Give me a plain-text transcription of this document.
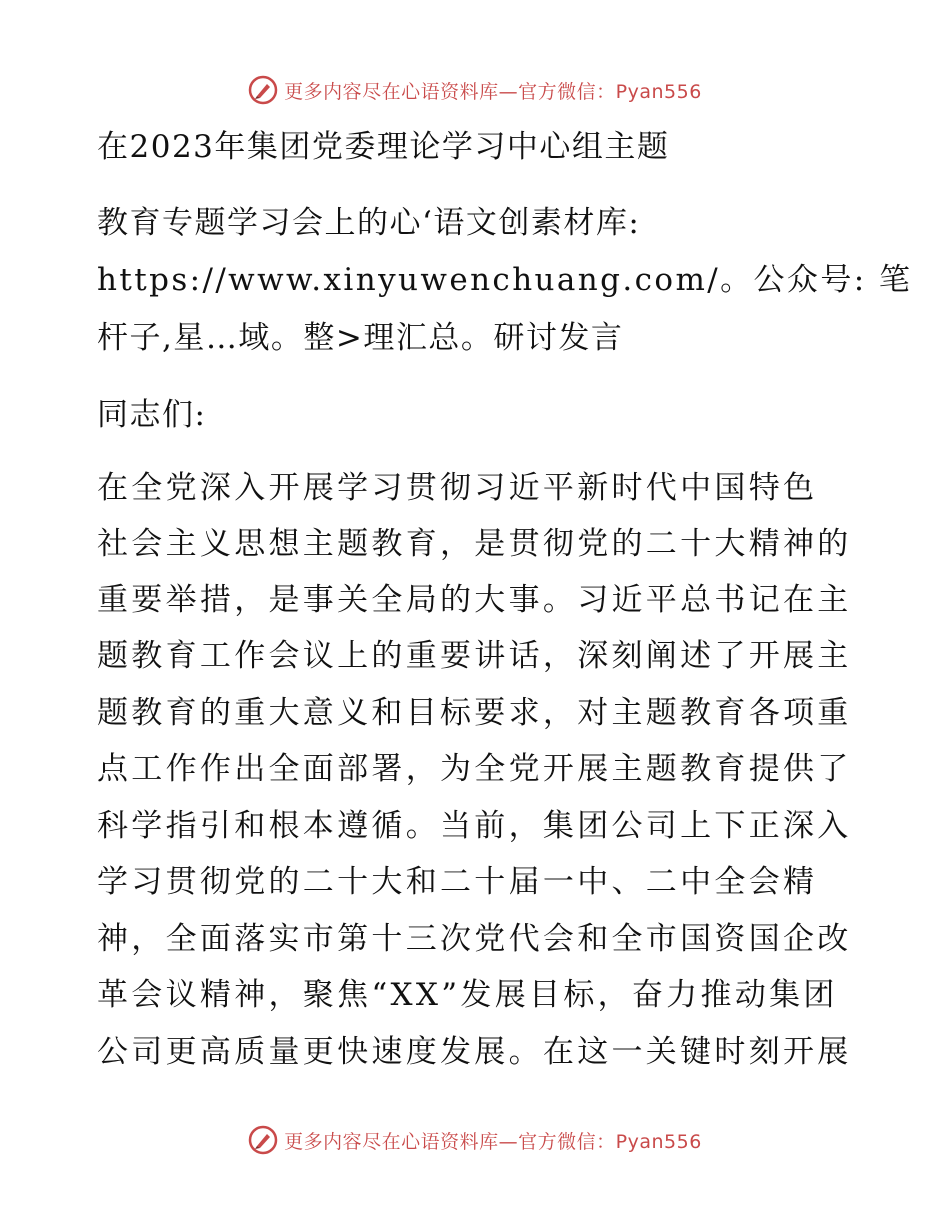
更多内容尽在心语资料库—官方微信：Pyan556
在2023年集团党委理论学习中心组主题
教育专题学习会上的心‘语文创素材库:
https://www.xinyuwenchuang.com/。公众号: 笔
杆子,星…域。整>理汇总。研讨发言
同志们:
在全党深入开展学习贯彻习近平新时代中国特色
社会主义思想主题教育，是贯彻党的二十大精神的
重要举措，是事关全局的大事。习近平总书记在主
题教育工作会议上的重要讲话，深刻阐述了开展主
题教育的重大意义和目标要求，对主题教育各项重
点工作作出全面部署，为全党开展主题教育提供了
科学指引和根本遵循。当前，集团公司上下正深入
学习贯彻党的二十大和二十届一中、二中全会精
神，全面落实市第十三次党代会和全市国资国企改
革会议精神，聚焦“XX”发展目标，奋力推动集团
公司更高质量更快速度发展。在这一关键时刻开展
更多内容尽在心语资料库—官方微信：Pyan556
